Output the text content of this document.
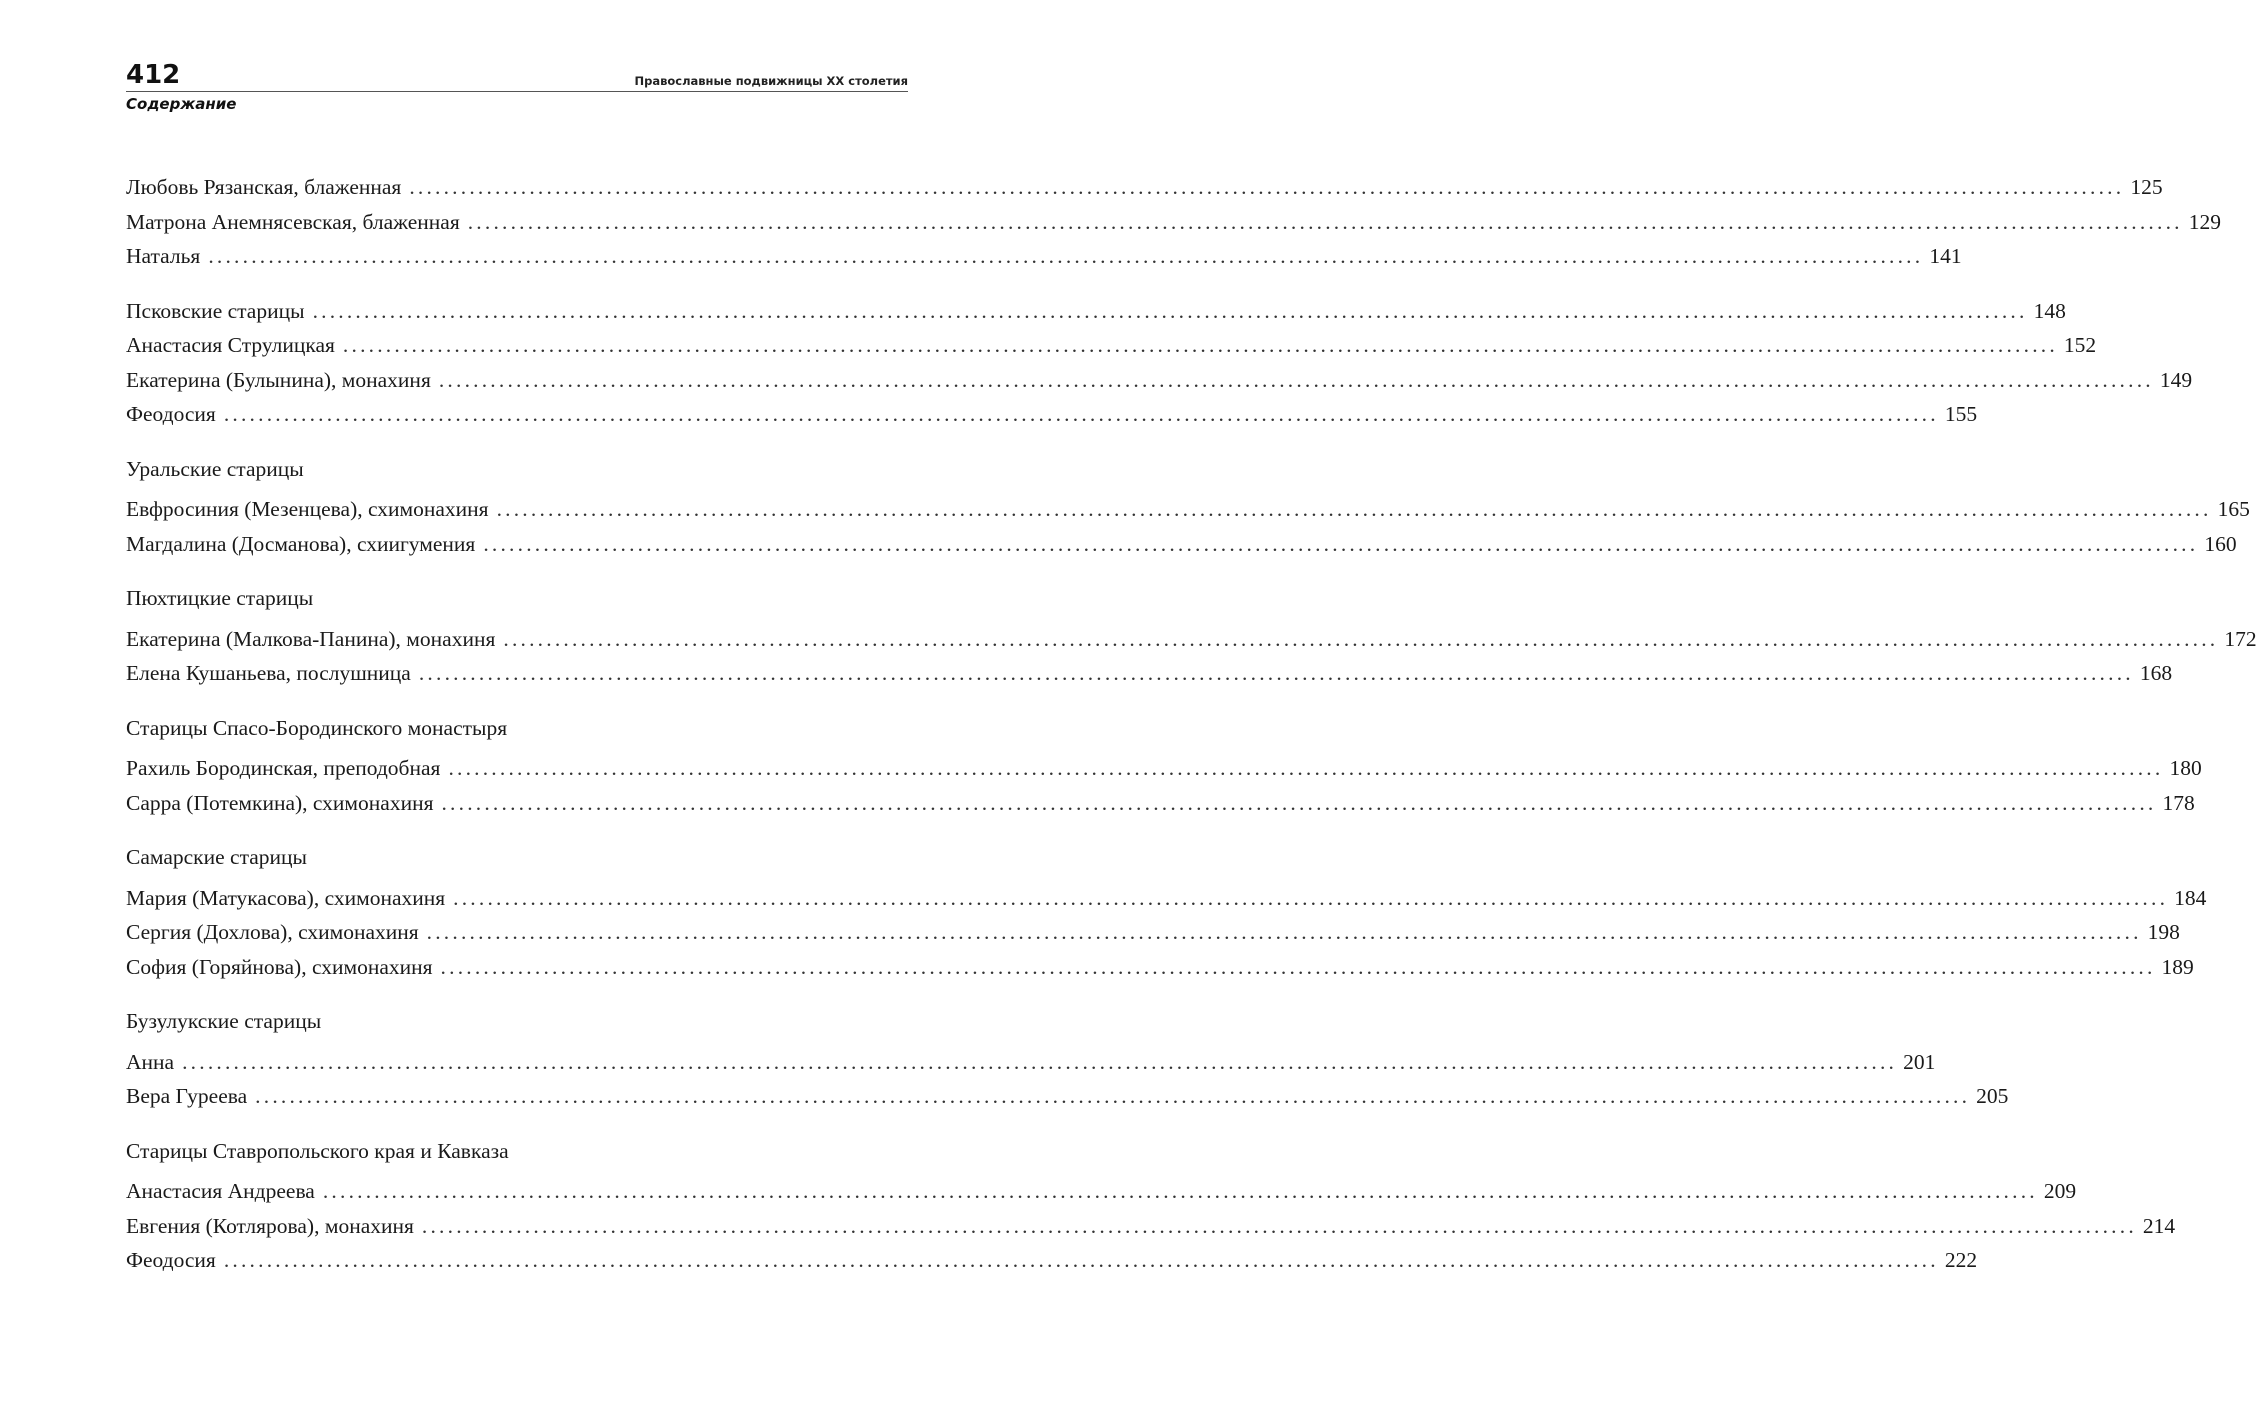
412	Православные подвижницы XX столетия
Содержание
Любовь Рязанская, блаженная ........................................................................................................................................................................................................ 125
Матрона Анемнясевская, блаженная ........................................................................................................................................................................................................ 129
Наталья ........................................................................................................................................................................................................ 141
Псковские старицы ........................................................................................................................................................................................................ 148
Анастасия Струлицкая ........................................................................................................................................................................................................ 152
Екатерина (Булынина), монахиня ........................................................................................................................................................................................................ 149
Феодосия ........................................................................................................................................................................................................ 155
Уральские старицы
Евфросиния (Мезенцева), схимонахиня ........................................................................................................................................................................................................ 165
Магдалина (Досманова), схиигумения ........................................................................................................................................................................................................ 160
Пюхтицкие старицы
Екатерина (Малкова-Панина), монахиня ........................................................................................................................................................................................................ 172
Елена Кушаньева, послушница ........................................................................................................................................................................................................ 168
Старицы Спасо-Бородинского монастыря
Рахиль Бородинская, преподобная ........................................................................................................................................................................................................ 180
Сарра (Потемкина), схимонахиня ........................................................................................................................................................................................................ 178
Самарские старицы
Мария (Матукасова), схимонахиня ........................................................................................................................................................................................................ 184
Сергия (Дохлова), схимонахиня ........................................................................................................................................................................................................ 198
София (Горяйнова), схимонахиня ........................................................................................................................................................................................................ 189
Бузулукские старицы
Анна ........................................................................................................................................................................................................ 201
Вера Гуреева ........................................................................................................................................................................................................ 205
Старицы Ставропольского края и Кавказа
Анастасия Андреева ........................................................................................................................................................................................................ 209
Евгения (Котлярова), монахиня ........................................................................................................................................................................................................ 214
Феодосия ........................................................................................................................................................................................................ 222
